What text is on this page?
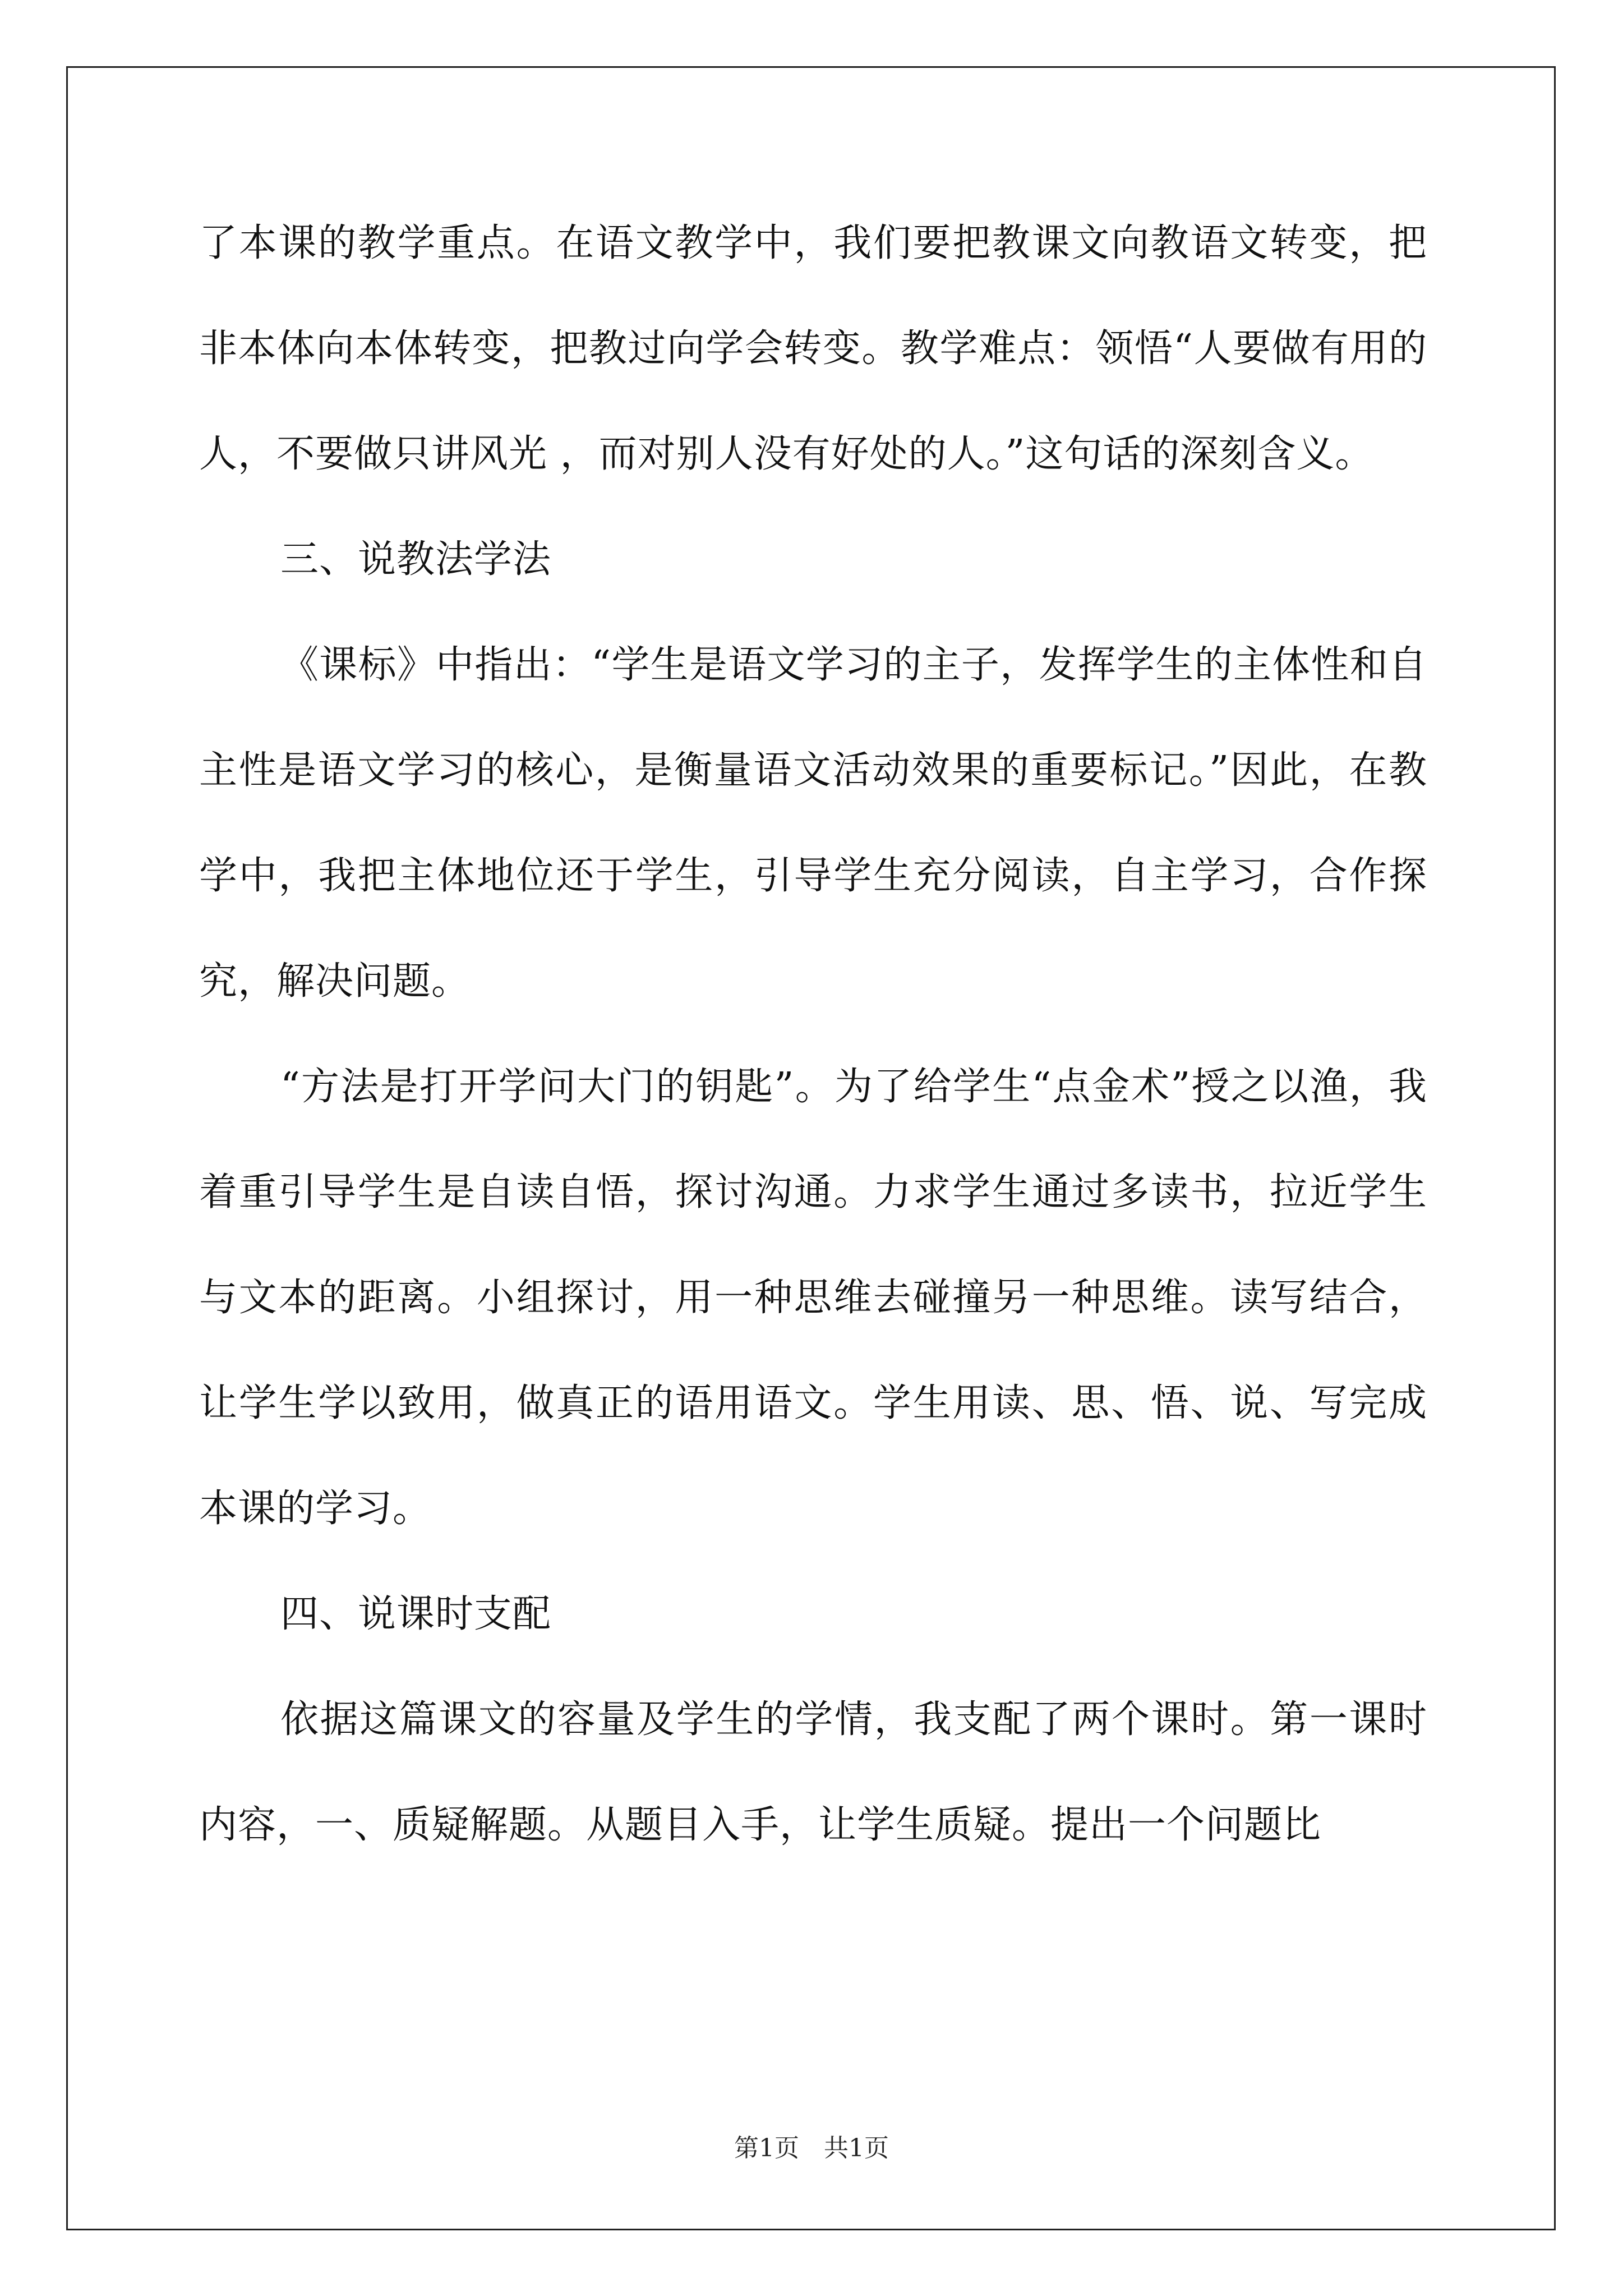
了本课的教学重点。在语文教学中，我们要把教课文向教语文转变，把非本体向本体转变，把教过向学会转变。教学难点：领悟“人要做有用的人，不要做只讲风光 ，而对别人没有好处的人。”这句话的深刻含义。

三、说教法学法

《课标》中指出：“学生是语文学习的主子，发挥学生的主体性和自主性是语文学习的核心，是衡量语文活动效果的重要标记。”因此，在教学中，我把主体地位还于学生，引导学生充分阅读，自主学习，合作探究，解决问题。

“方法是打开学问大门的钥匙”。为了给学生“点金术”授之以渔，我着重引导学生是自读自悟，探讨沟通。力求学生通过多读书，拉近学生与文本的距离。小组探讨，用一种思维去碰撞另一种思维。读写结合，让学生学以致用，做真正的语用语文。学生用读、思、悟、说、写完成本课的学习。

四、说课时支配

依据这篇课文的容量及学生的学情，我支配了两个课时。第一课时内容，一、质疑解题。从题目入手，让学生质疑。提出一个问题比

第1页　共1页
